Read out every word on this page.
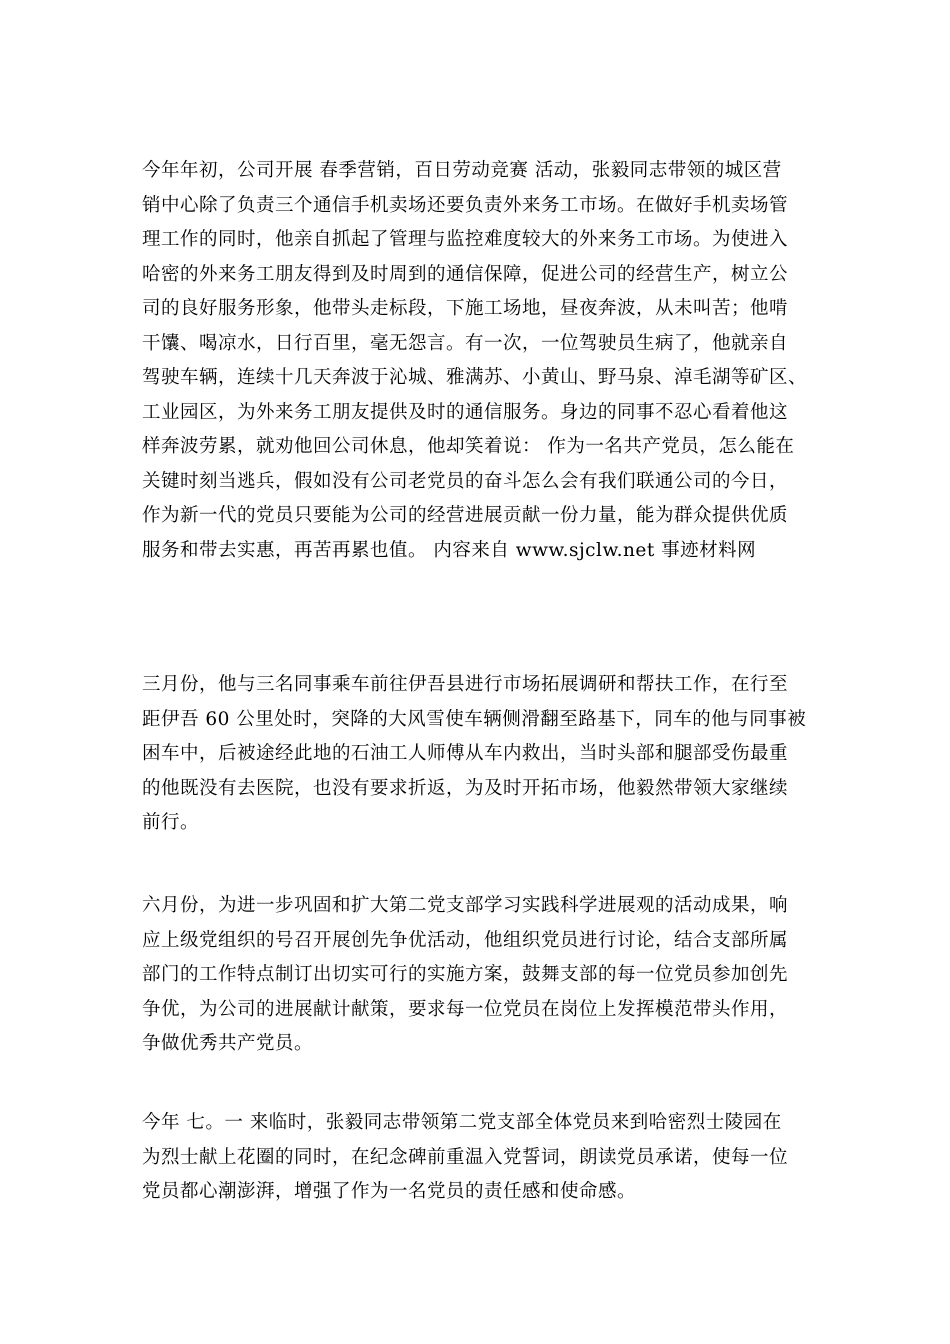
今年年初，公司开展 春季营销，百日劳动竞赛 活动，张毅同志带领的城区营
销中心除了负责三个通信手机卖场还要负责外来务工市场。在做好手机卖场管
理工作的同时，他亲自抓起了管理与监控难度较大的外来务工市场。为使进入
哈密的外来务工朋友得到及时周到的通信保障，促进公司的经营生产，树立公
司的良好服务形象，他带头走标段，下施工场地，昼夜奔波，从未叫苦；他啃
干馕、喝凉水，日行百里，毫无怨言。有一次，一位驾驶员生病了，他就亲自
驾驶车辆，连续十几天奔波于沁城、雅满苏、小黄山、野马泉、淖毛湖等矿区、
工业园区，为外来务工朋友提供及时的通信服务。身边的同事不忍心看着他这
样奔波劳累，就劝他回公司休息，他却笑着说： 作为一名共产党员，怎么能在
关键时刻当逃兵，假如没有公司老党员的奋斗怎么会有我们联通公司的今日，
作为新一代的党员只要能为公司的经营进展贡献一份力量，能为群众提供优质
服务和带去实惠，再苦再累也值。 内容来自 www.sjclw.net 事迹材料网

三月份，他与三名同事乘车前往伊吾县进行市场拓展调研和帮扶工作，在行至
距伊吾 60 公里处时，突降的大风雪使车辆侧滑翻至路基下，同车的他与同事被
困车中，后被途经此地的石油工人师傅从车内救出，当时头部和腿部受伤最重
的他既没有去医院，也没有要求折返，为及时开拓市场，他毅然带领大家继续
前行。

六月份，为进一步巩固和扩大第二党支部学习实践科学进展观的活动成果，响
应上级党组织的号召开展创先争优活动，他组织党员进行讨论，结合支部所属
部门的工作特点制订出切实可行的实施方案，鼓舞支部的每一位党员参加创先
争优，为公司的进展献计献策，要求每一位党员在岗位上发挥模范带头作用，
争做优秀共产党员。

今年 七。一 来临时，张毅同志带领第二党支部全体党员来到哈密烈士陵园在
为烈士献上花圈的同时，在纪念碑前重温入党誓词，朗读党员承诺，使每一位
党员都心潮澎湃，增强了作为一名党员的责任感和使命感。
